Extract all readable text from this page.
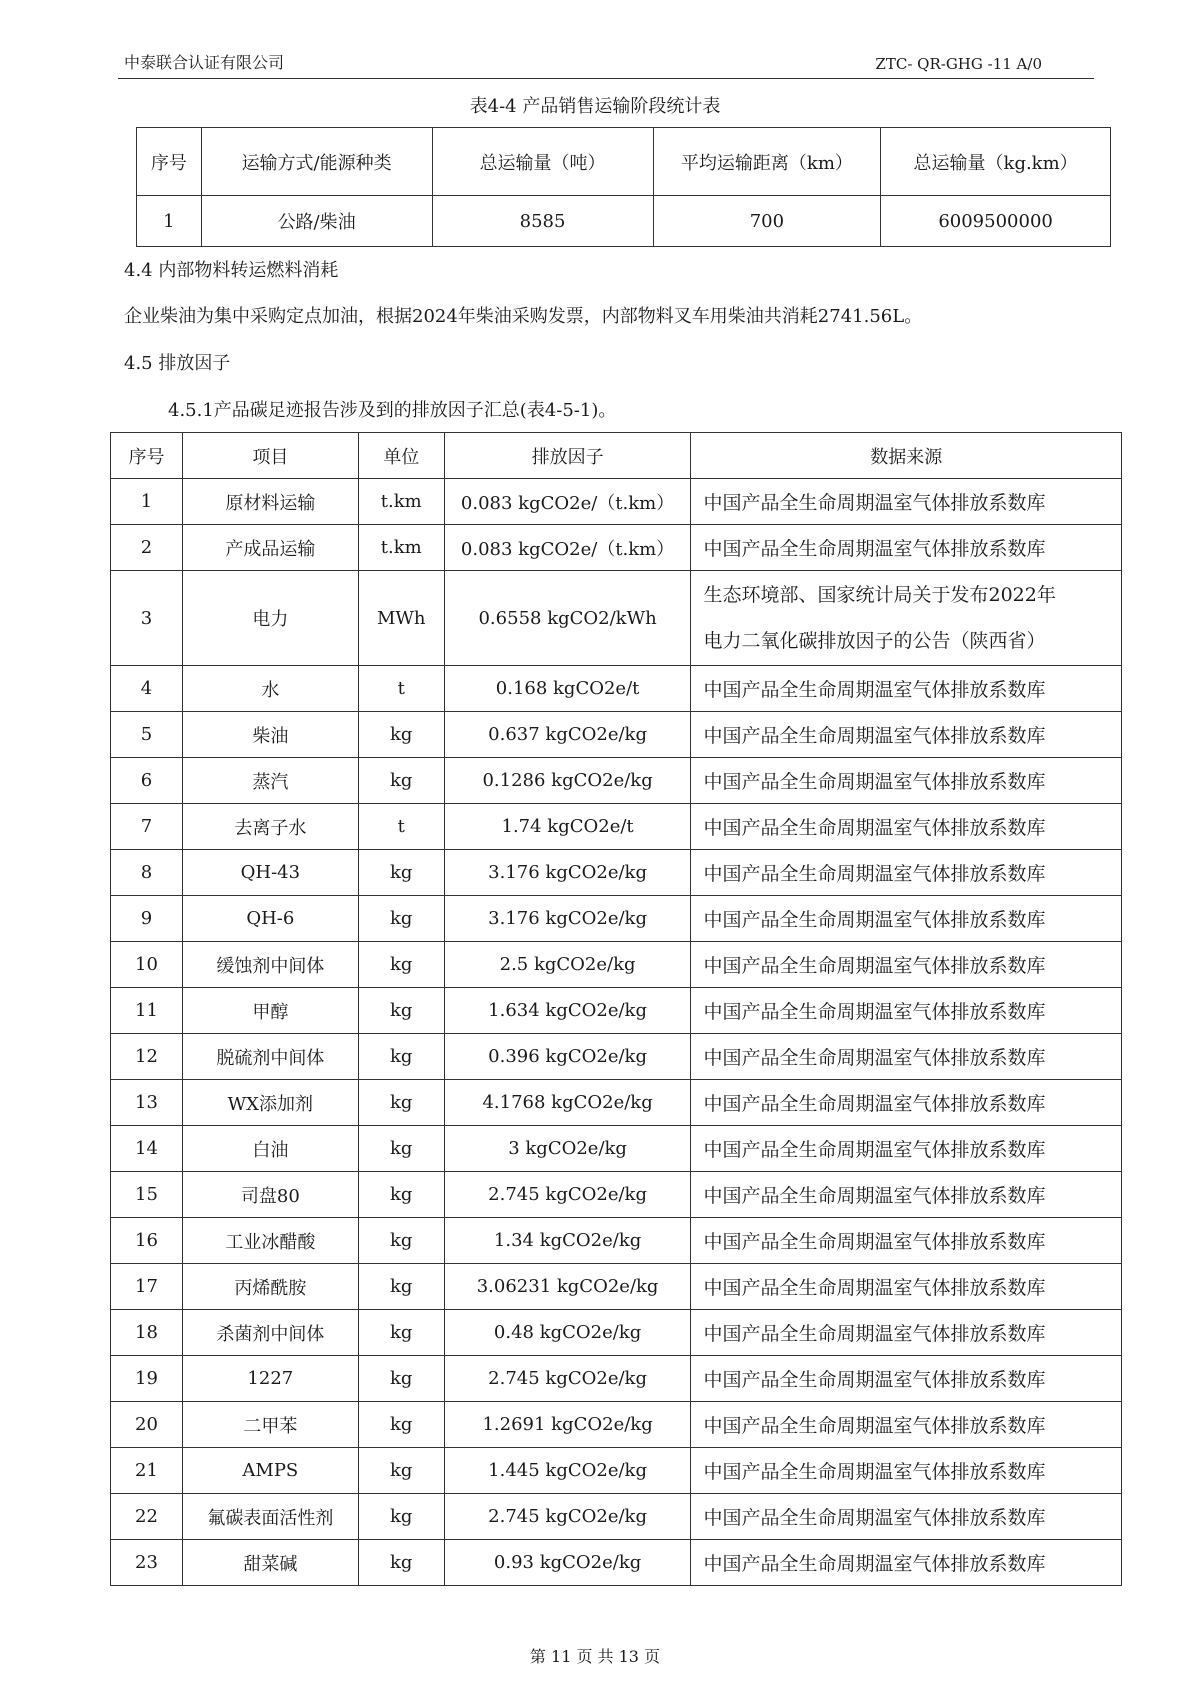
中泰联合认证有限公司	ZTC- QR-GHG -11 A/0
表4-4 产品销售运输阶段统计表
序号	运输方式/能源种类	总运输量（吨）	平均运输距离（km）	总运输量（kg.km）
1	公路/柴油	8585	700	6009500000
4.4 内部物料转运燃料消耗
企业柴油为集中采购定点加油，根据2024年柴油采购发票，内部物料叉车用柴油共消耗2741.56L。
4.5 排放因子
4.5.1产品碳足迹报告涉及到的排放因子汇总(表4-5-1)。
序号	项目	单位	排放因子	数据来源
1	原材料运输	t.km	0.083 kgCO2e/（t.km）	中国产品全生命周期温室气体排放系数库
2	产成品运输	t.km	0.083 kgCO2e/（t.km）	中国产品全生命周期温室气体排放系数库
3	电力	MWh	0.6558 kgCO2/kWh	生态环境部、国家统计局关于发布2022年
电力二氧化碳排放因子的公告（陕西省）

4	水	t	0.168 kgCO2e/t	中国产品全生命周期温室气体排放系数库
5	柴油	kg	0.637 kgCO2e/kg	中国产品全生命周期温室气体排放系数库
6	蒸汽	kg	0.1286 kgCO2e/kg	中国产品全生命周期温室气体排放系数库
7	去离子水	t	1.74 kgCO2e/t	中国产品全生命周期温室气体排放系数库
8	QH-43	kg	3.176 kgCO2e/kg	中国产品全生命周期温室气体排放系数库
9	QH-6	kg	3.176 kgCO2e/kg	中国产品全生命周期温室气体排放系数库
10	缓蚀剂中间体	kg	2.5 kgCO2e/kg	中国产品全生命周期温室气体排放系数库
11	甲醇	kg	1.634 kgCO2e/kg	中国产品全生命周期温室气体排放系数库
12	脱硫剂中间体	kg	0.396 kgCO2e/kg	中国产品全生命周期温室气体排放系数库
13	WX添加剂	kg	4.1768 kgCO2e/kg	中国产品全生命周期温室气体排放系数库
14	白油	kg	3 kgCO2e/kg	中国产品全生命周期温室气体排放系数库
15	司盘80	kg	2.745 kgCO2e/kg	中国产品全生命周期温室气体排放系数库
16	工业冰醋酸	kg	1.34 kgCO2e/kg	中国产品全生命周期温室气体排放系数库
17	丙烯酰胺	kg	3.06231 kgCO2e/kg	中国产品全生命周期温室气体排放系数库
18	杀菌剂中间体	kg	0.48 kgCO2e/kg	中国产品全生命周期温室气体排放系数库
19	1227	kg	2.745 kgCO2e/kg	中国产品全生命周期温室气体排放系数库
20	二甲苯	kg	1.2691 kgCO2e/kg	中国产品全生命周期温室气体排放系数库
21	AMPS	kg	1.445 kgCO2e/kg	中国产品全生命周期温室气体排放系数库
22	氟碳表面活性剂	kg	2.745 kgCO2e/kg	中国产品全生命周期温室气体排放系数库
23	甜菜碱	kg	0.93 kgCO2e/kg	中国产品全生命周期温室气体排放系数库
第 11 页 共 13 页
